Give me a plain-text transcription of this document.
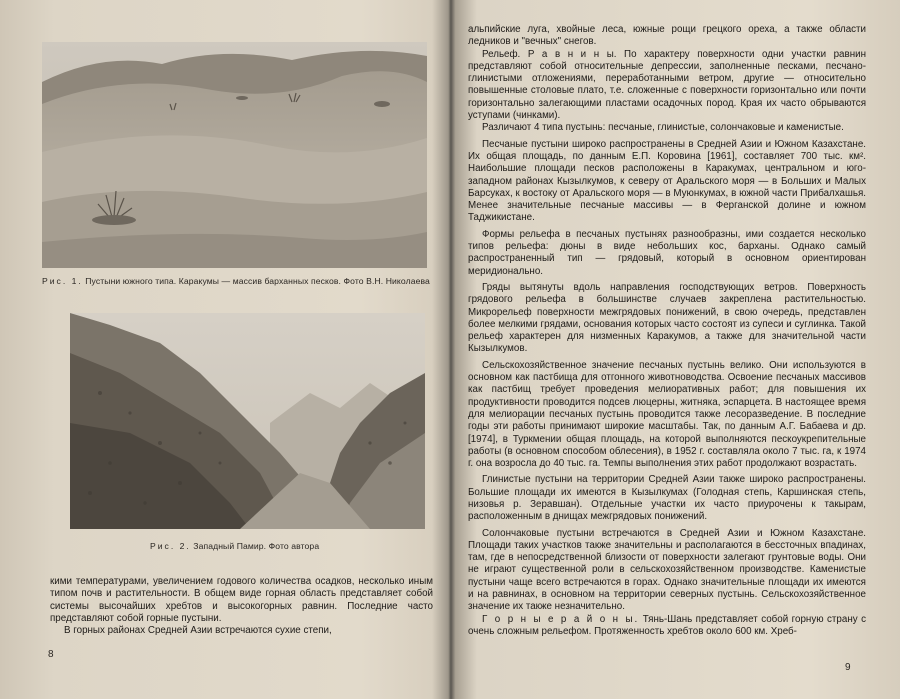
Рис. 1. Пустыни южного типа. Каракумы — массив барханных песков. Фото В.Н. Николаева
Рис. 2. Западный Памир. Фото автора

кими температурами, увеличением годового количества осадков, несколько иным типом почв и растительности. В общем виде горная область представляет собой системы высочайших хребтов и высокогорных равнин. Последние часто представляют собой горные пустыни.

В горных районах Средней Азии встречаются сухие степи,

8

альпийские луга, хвойные леса, южные рощи грецкого ореха, а также области ледников и "вечных" снегов.

Рельеф. Р а в н и н ы. По характеру поверхности одни участки равнин представляют собой относительные депрессии, заполненные песками, песчано-глинистыми отложениями, переработанными ветром, другие — относительно повышенные столовые плато, т.е. сложенные с поверхности горизонтально или почти горизонтально залегающими пластами осадочных пород. Края их часто обрываются уступами (чинками).

Различают 4 типа пустынь: песчаные, глинистые, солончаковые и каменистые.

Песчаные пустыни широко распространены в Средней Азии и Южном Казахстане. Их общая площадь, по данным Е.П. Коровина [1961], составляет 700 тыс. км². Наибольшие площади песков расположены в Каракумах, центральном и юго-западном районах Кызылкумов, к северу от Аральского моря — в Больших и Малых Барсуках, к востоку от Аральского моря — в Муюнкумах, в южной части Прибалхашья. Менее значительные песчаные массивы — в Ферганской долине и южном Таджикистане.

Формы рельефа в песчаных пустынях разнообразны, ими создается несколько типов рельефа: дюны в виде небольших кос, барханы. Однако самый распространенный тип — грядовый, который в основном ориентирован меридионально.

Гряды вытянуты вдоль направления господствующих ветров. Поверхность грядового рельефа в большинстве случаев закреплена растительностью. Микрорельеф поверхности межгрядовых понижений, в свою очередь, представлен более мелкими грядами, основания которых часто состоят из супеси и суглинка. Такой рельеф характерен для низменных Каракумов, а также для значительной части Кызылкумов.

Сельскохозяйственное значение песчаных пустынь велико. Они используются в основном как пастбища для отгонного животноводства. Освоение песчаных массивов как пастбищ требует проведения мелиоративных работ; для повышения их продуктивности проводится подсев люцерны, житняка, эспарцета. В настоящее время для мелиорации песчаных пустынь проводится также лесоразведение. В последние годы эти работы принимают широкие масштабы. Так, по данным А.Г. Бабаева и др. [1974], в Туркмении общая площадь, на которой выполняются пескоукрепительные работы (в основном способом облесения), в 1952 г. составляла около 7 тыс. га, к 1974 г. она возросла до 40 тыс. га. Темпы выполнения этих работ продолжают возрастать.

Глинистые пустыни на территории Средней Азии также широко распространены. Большие площади их имеются в Кызылкумах (Голодная степь, Каршинская степь, низовья р. Зеравшан). Отдельные участки их часто приурочены к такырам, расположенным в днищах межгрядовых понижений.

Солончаковые пустыни встречаются в Средней Азии и Южном Казахстане. Площади таких участков также значительны и располагаются в бессточных впадинах, там, где в непосредственной близости от поверхности залегают грунтовые воды. Они не играют существенной роли в сельскохозяйственном производстве. Каменистые пустыни чаще всего встречаются в горах. Однако значительные площади их имеются и на равнинах, в основном на территории северных пустынь. Сельскохозяйственное значение их также незначительно.

Г о р н ы е р а й о н ы. Тянь-Шань представляет собой горную страну с очень сложным рельефом. Протяженность хребтов около 600 км. Хреб-

9
